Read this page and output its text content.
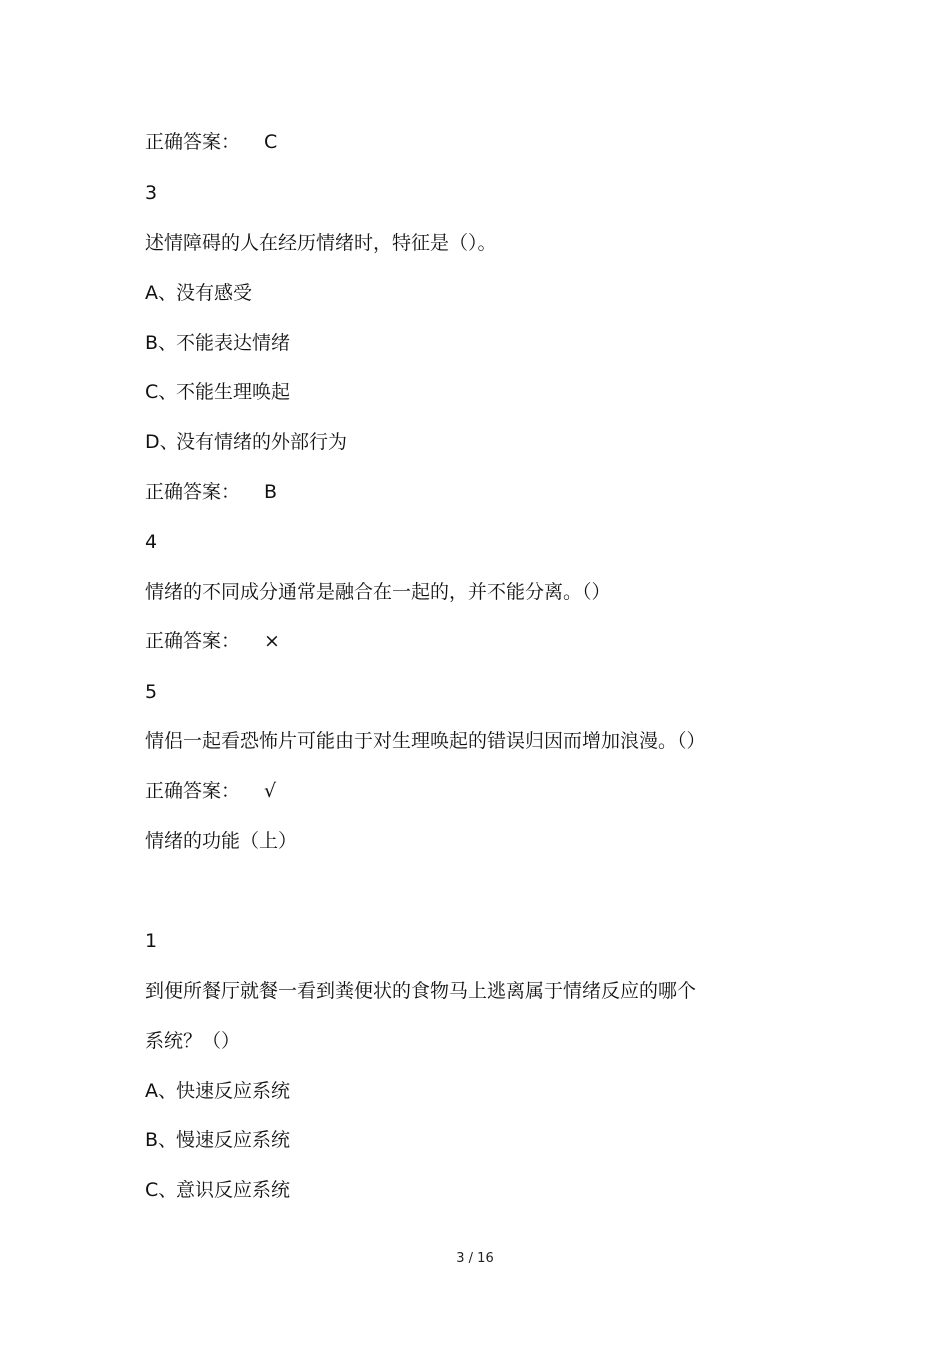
正确答案： C
3
述情障碍的人在经历情绪时，特征是（）。
A、没有感受
B、不能表达情绪
C、不能生理唤起
D、没有情绪的外部行为
正确答案： B
4
情绪的不同成分通常是融合在一起的，并不能分离。（）
正确答案： ×
5
情侣一起看恐怖片可能由于对生理唤起的错误归因而增加浪漫。（）
正确答案： √
情绪的功能（上）
1
到便所餐厅就餐一看到粪便状的食物马上逃离属于情绪反应的哪个
系统？（）
A、快速反应系统
B、慢速反应系统
C、意识反应系统
3 / 16
